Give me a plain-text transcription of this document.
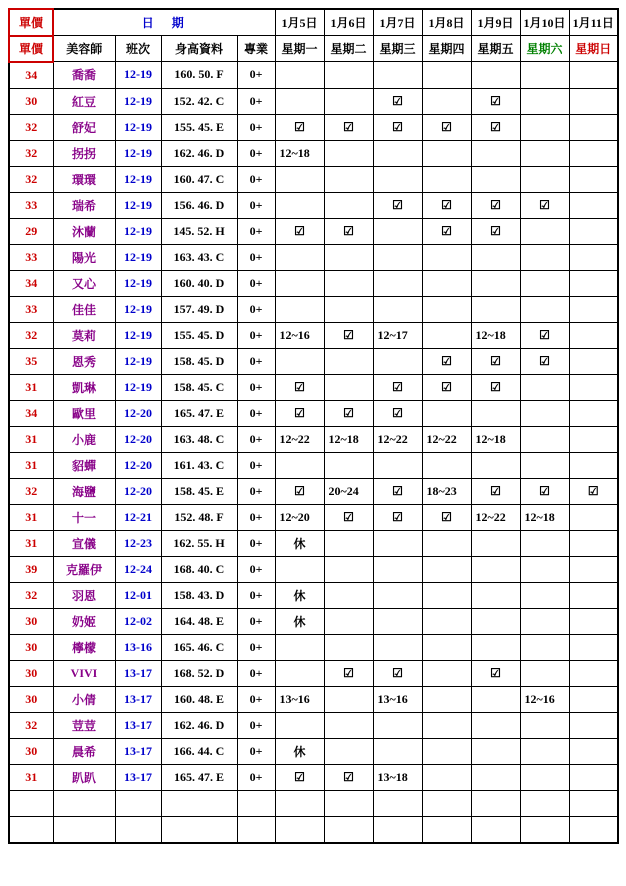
單價	日　期				1月5日	1月6日	1月7日	1月8日	1月9日	1月10日	1月11日
單價	美容師	班次	身高資料	專業	星期一	星期二	星期三	星期四	星期五	星期六	星期日
34	喬喬	12-19	160. 50. F	0+							
30	紅豆	12-19	152. 42. C	0+			☑		☑		
32	舒妃	12-19	155. 45. E	0+	☑	☑	☑	☑	☑		
32	拐拐	12-19	162. 46. D	0+	12~18						
32	環環	12-19	160. 47. C	0+							
33	瑞希	12-19	156. 46. D	0+			☑	☑	☑	☑	
29	沐蘭	12-19	145. 52. H	0+	☑	☑		☑	☑		
33	陽光	12-19	163. 43. C	0+							
34	又心	12-19	160. 40. D	0+							
33	佳佳	12-19	157. 49. D	0+							
32	莫莉	12-19	155. 45. D	0+	12~16	☑	12~17		12~18	☑	
35	恩秀	12-19	158. 45. D	0+				☑	☑	☑	
31	凱琳	12-19	158. 45. C	0+	☑		☑	☑	☑		
34	歐里	12-20	165. 47. E	0+	☑	☑	☑				
31	小鹿	12-20	163. 48. C	0+	12~22	12~18	12~22	12~22	12~18		
31	貂蟬	12-20	161. 43. C	0+							
32	海鹽	12-20	158. 45. E	0+	☑	20~24	☑	18~23	☑	☑	☑
31	十一	12-21	152. 48. F	0+	12~20	☑	☑	☑	12~22	12~18	
31	宣儀	12-23	162. 55. H	0+	休						
39	克羅伊	12-24	168. 40. C	0+							
32	羽恩	12-01	158. 43. D	0+	休						
30	奶姬	12-02	164. 48. E	0+	休						
30	檸檬	13-16	165. 46. C	0+							
30	VIVI	13-17	168. 52. D	0+		☑	☑		☑		
30	小倩	13-17	160. 48. E	0+	13~16		13~16			12~16	
32	荳荳	13-17	162. 46. D	0+							
30	晨希	13-17	166. 44. C	0+	休						
31	趴趴	13-17	165. 47. E	0+	☑	☑	13~18				
